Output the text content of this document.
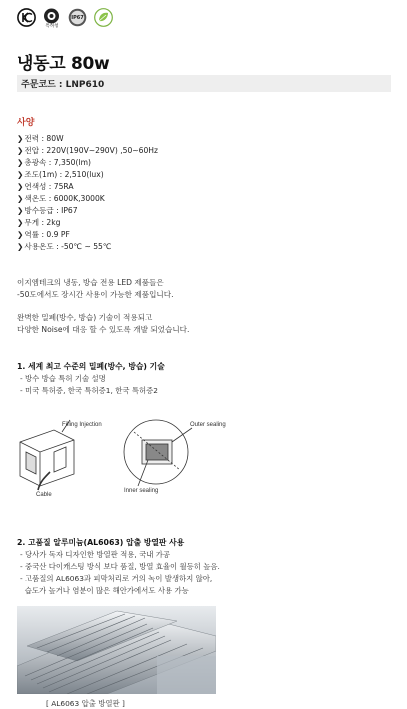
특허청
IP67
냉동고 80w
주문코드 : LNP610
사양
❯전력 : 80W
❯전압 : 220V(190V~290V) ,50~60Hz
❯총광속 : 7,350(lm)
❯조도(1m) : 2,510(lux)
❯연색성 : 75RA
❯색온도 : 6000K,3000K
❯방수등급 : IP67
❯무게 : 2kg
❯역률 : 0.9 PF
❯사용온도 : -50℃ ~ 55℃
이지엠테크의 냉동, 방습 전용 LED 제품들은
-50도에서도 장시간 사용이 가능한 제품입니다.
완벽한 밀폐(방수, 방습) 기술이 적용되고
다양한 Noise에 대응 할 수 있도록 개발 되었습니다.
1. 세계 최고 수준의 밀폐(방수, 방습) 기술
- 방수 방습 특허 기술 설명
- 미국 특허증, 한국 특허증1, 한국 특허증2
Filling Injection
Cable
Outer sealing
Inner sealing
2. 고품질 알루미늄(AL6063) 압출 방열판 사용
- 당사가 독자 디자인한 방열판 적용, 국내 가공
- 중국산 다이캐스팅 방식 보다 품질, 방열 효율이 월등히 높음.
- 고품질의 AL6063과 피막처리로 거의 녹이 발생하지 않아,
습도가 높거나 염분이 많은 해안가에서도 사용 가능
[ AL6063 압출 방열판 ]
